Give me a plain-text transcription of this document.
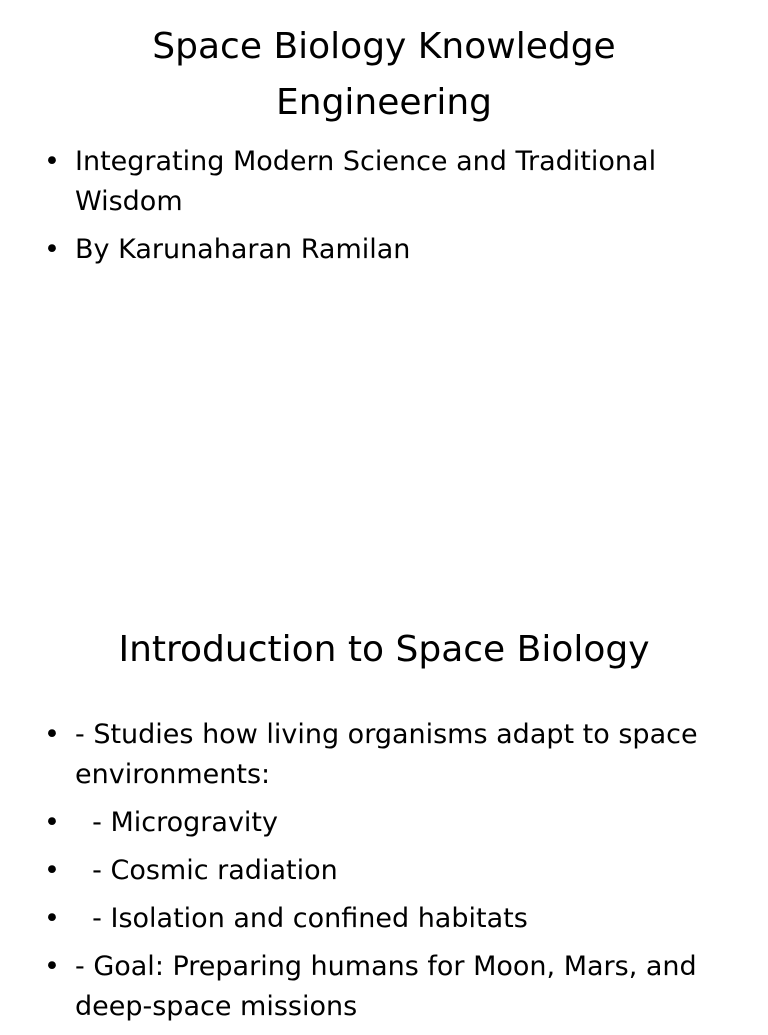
Space Biology Knowledge Engineering
• Integrating Modern Science and Traditional Wisdom
• By Karunaharan Ramilan
Introduction to Space Biology
• - Studies how living organisms adapt to space environments:
• - Microgravity
• - Cosmic radiation
• - Isolation and confined habitats
• - Goal: Preparing humans for Moon, Mars, and deep-space missions
